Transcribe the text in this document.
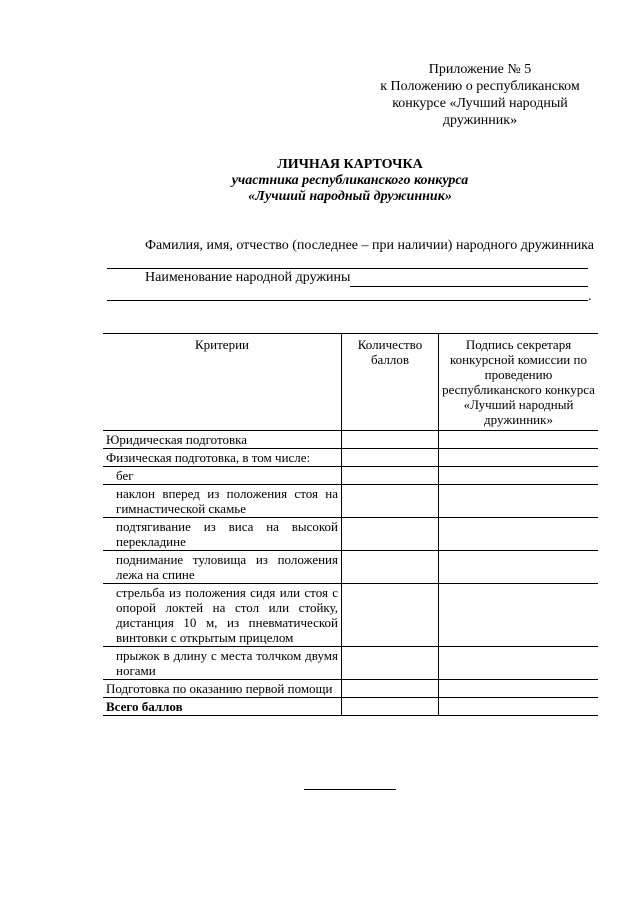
Приложение № 5
к Положению о республиканском
конкурсе «Лучший народный
дружинник»
ЛИЧНАЯ КАРТОЧКА
участника республиканского конкурса
«Лучший народный дружинник»
Фамилия, имя, отчество (последнее – при наличии) народного дружинника
Наименование народной дружины
.
Критерии	Количество баллов	Подпись секретаря конкурсной комиссии по проведению республиканского конкурса «Лучший народный дружинник»
Юридическая подготовка		
Физическая подготовка, в том числе:		
бег		
наклон вперед из положения стоя на гимнастической скамье		
подтягивание из виса на высокой перекладине		
поднимание туловища из положения лежа на спине		
стрельба из положения сидя или стоя с опорой локтей на стол или стойку, дистанция 10 м, из пневматической винтовки с открытым прицелом		
прыжок в длину с места толчком двумя ногами		
Подготовка по оказанию первой помощи		
Всего баллов		
